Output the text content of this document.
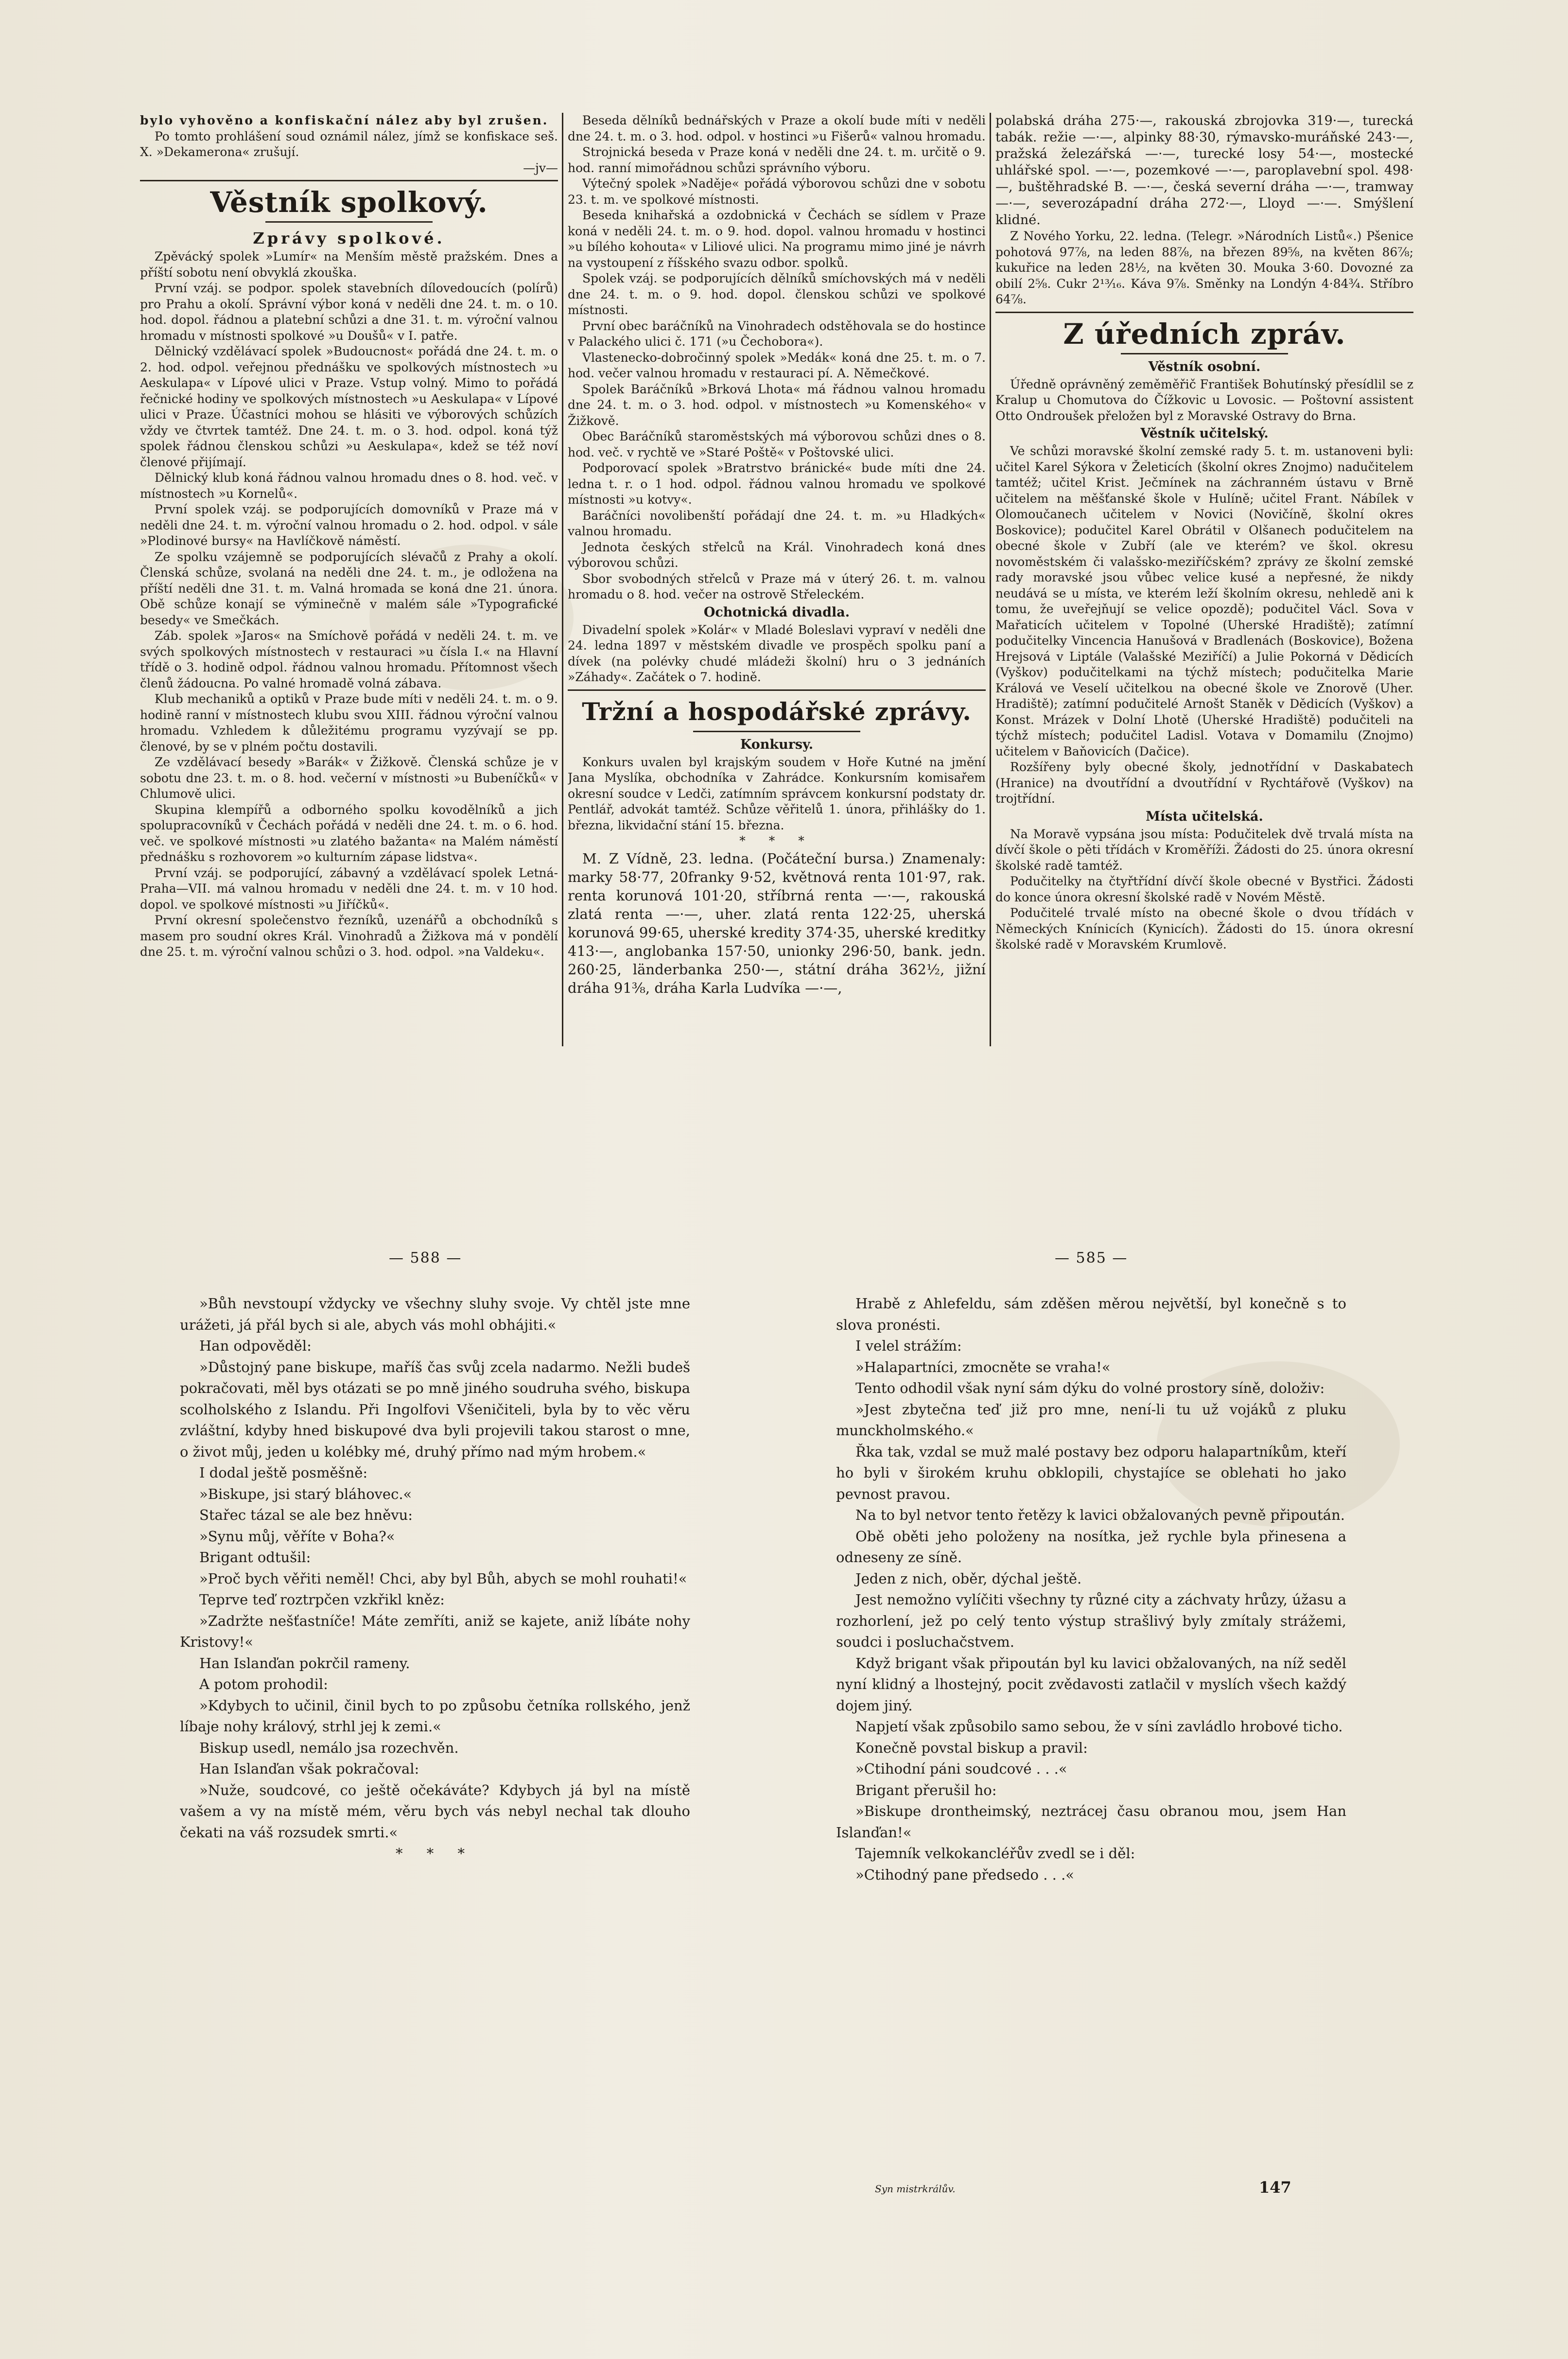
bylo vyhověno a konfiskační nález aby byl zrušen.

Po tomto prohlášení soud oznámil nález, jímž se konfiskace seš. X. »Dekamerona« zrušují.

—jv—

Věstník spolkový.

Zprávy spolkové.

Zpěvácký spolek »Lumír« na Menším městě pražském. Dnes a příští sobotu není obvyklá zkouška.

První vzáj. se podpor. spolek stavebních dílovedoucích (polírů) pro Prahu a okolí. Správní výbor koná v neděli dne 24. t. m. o 10. hod. dopol. řádnou a platební schůzi a dne 31. t. m. výroční valnou hromadu v místnosti spolkové »u Doušů« v I. patře.

Dělnický vzdělávací spolek »Budoucnost« pořádá dne 24. t. m. o 2. hod. odpol. veřejnou přednášku ve spolkových místnostech »u Aeskulapa« v Lípové ulici v Praze. Vstup volný. Mimo to pořádá řečnické hodiny ve spolkových místnostech »u Aeskulapa« v Lípové ulici v Praze. Účastníci mohou se hlásiti ve výborových schůzích vždy ve čtvrtek tamtéž. Dne 24. t. m. o 3. hod. odpol. koná týž spolek řádnou členskou schůzi »u Aeskulapa«, kdež se též noví členové přijímají.

Dělnický klub koná řádnou valnou hromadu dnes o 8. hod. več. v místnostech »u Kornelů«.

První spolek vzáj. se podporujících domovníků v Praze má v neděli dne 24. t. m. výroční valnou hromadu o 2. hod. odpol. v sále »Plodinové bursy« na Havlíčkově náměstí.

Ze spolku vzájemně se podporujících slévačů z Prahy a okolí. Členská schůze, svolaná na neděli dne 24. t. m., je odložena na příští neděli dne 31. t. m. Valná hromada se koná dne 21. února. Obě schůze konají se výminečně v malém sále »Typografické besedy« ve Smečkách.

Záb. spolek »Jaros« na Smíchově pořádá v neděli 24. t. m. ve svých spolkových místnostech v restauraci »u čísla I.« na Hlavní třídě o 3. hodině odpol. řádnou valnou hromadu. Přítomnost všech členů žádoucna. Po valné hromadě volná zábava.

Klub mechaniků a optiků v Praze bude míti v neděli 24. t. m. o 9. hodině ranní v místnostech klubu svou XIII. řádnou výroční valnou hromadu. Vzhledem k důležitému programu vyzývají se pp. členové, by se v plném počtu dostavili.

Ze vzdělávací besedy »Barák« v Žižkově. Členská schůze je v sobotu dne 23. t. m. o 8. hod. večerní v místnosti »u Bubeníčků« v Chlumově ulici.

Skupina klempířů a odborného spolku kovodělníků a jich spolupracovníků v Čechách pořádá v neděli dne 24. t. m. o 6. hod. več. ve spolkové místnosti »u zlatého bažanta« na Malém náměstí přednášku s rozhovorem »o kulturním zápase lidstva«.

První vzáj. se podporující, zábavný a vzdělávací spolek Letná-Praha—VII. má valnou hromadu v neděli dne 24. t. m. v 10 hod. dopol. ve spolkové místnosti »u Jiříčků«.

První okresní společenstvo řezníků, uzenářů a obchodníků s masem pro soudní okres Král. Vinohradů a Žižkova má v pondělí dne 25. t. m. výroční valnou schůzi o 3. hod. odpol. »na Valdeku«.

Beseda dělníků bednářských v Praze a okolí bude míti v neděli dne 24. t. m. o 3. hod. odpol. v hostinci »u Fišerů« valnou hromadu.

Strojnická beseda v Praze koná v neděli dne 24. t. m. určitě o 9. hod. ranní mimořádnou schůzi správního výboru.

Výtečný spolek »Naděje« pořádá výborovou schůzi dne v sobotu 23. t. m. ve spolkové místnosti.

Beseda knihařská a ozdobnická v Čechách se sídlem v Praze koná v neděli 24. t. m. o 9. hod. dopol. valnou hromadu v hostinci »u bílého kohouta« v Liliové ulici. Na programu mimo jiné je návrh na vystoupení z říšského svazu odbor. spolků.

Spolek vzáj. se podporujících dělníků smíchovských má v neděli dne 24. t. m. o 9. hod. dopol. členskou schůzi ve spolkové místnosti.

První obec baráčníků na Vinohradech odstěhovala se do hostince v Palackého ulici č. 171 (»u Čechobora«).

Vlastenecko-dobročinný spolek »Medák« koná dne 25. t. m. o 7. hod. večer valnou hromadu v restauraci pí. A. Němečkové.

Spolek Baráčníků »Brková Lhota« má řádnou valnou hromadu dne 24. t. m. o 3. hod. odpol. v místnostech »u Komenského« v Žižkově.

Obec Baráčníků staroměstských má výborovou schůzi dnes o 8. hod. več. v rychtě ve »Staré Poště« v Poštovské ulici.

Podporovací spolek »Bratrstvo bránické« bude míti dne 24. ledna t. r. o 1 hod. odpol. řádnou valnou hromadu ve spolkové místnosti »u kotvy«.

Baráčníci novolibenští pořádají dne 24. t. m. »u Hladkých« valnou hromadu.

Jednota českých střelců na Král. Vinohradech koná dnes výborovou schůzi.

Sbor svobodných střelců v Praze má v úterý 26. t. m. valnou hromadu o 8. hod. večer na ostrově Střeleckém.

Ochotnická divadla.

Divadelní spolek »Kolár« v Mladé Boleslavi vypraví v neděli dne 24. ledna 1897 v městském divadle ve prospěch spolku paní a dívek (na polévky chudé mládeži školní) hru o 3 jednáních »Záhady«. Začátek o 7. hodině.

Tržní a hospodářské zprávy.

Konkursy.

Konkurs uvalen byl krajským soudem v Hoře Kutné na jmění Jana Myslíka, obchodníka v Zahrádce. Konkursním komisařem okresní soudce v Ledči, zatímním správcem konkursní podstaty dr. Pentlář, advokát tamtéž. Schůze věřitelů 1. února, přihlášky do 1. března, likvidační stání 15. března.

* * *

M. Z Vídně, 23. ledna. (Počáteční bursa.) Znamenaly: marky 58·77, 20franky 9·52, květnová renta 101·97, rak. renta korunová 101·20, stříbrná renta —·—, rakouská zlatá renta —·—, uher. zlatá renta 122·25, uherská korunová 99·65, uherské kredity 374·35, uherské kreditky 413·—, anglobanka 157·50, unionky 296·50, bank. jedn. 260·25, länderbanka 250·—, státní dráha 362½, jižní dráha 91⅜, dráha Karla Ludvíka —·—,

polabská dráha 275·—, rakouská zbrojovka 319·—, turecká tabák. režie —·—, alpinky 88·30, rýmavsko-muráňské 243·—, pražská železářská —·—, turecké losy 54·—, mostecké uhlářské spol. —·—, pozemkové —·—, paroplavební spol. 498·—, buštěhradské B. —·—, česká severní dráha —·—, tramway —·—, severozápadní dráha 272·—, Lloyd —·—. Smýšlení klidné.

Z Nového Yorku, 22. ledna. (Telegr. »Národních Listů«.) Pšenice pohotová 97⅞, na leden 88⅞, na březen 89⅝, na květen 86⅞; kukuřice na leden 28½, na květen 30. Mouka 3·60. Dovozné za obilí 2⅝. Cukr 2¹³⁄₁₆. Káva 9⅞. Směnky na Londýn 4·84¾. Stříbro 64⅞.

Z úředních zpráv.

Věstník osobní.

Úředně oprávněný zeměměřič František Bohutínský přesídlil se z Kralup u Chomutova do Čížkovic u Lovosic. — Poštovní assistent Otto Ondroušek přeložen byl z Moravské Ostravy do Brna.

Věstník učitelský.

Ve schůzi moravské školní zemské rady 5. t. m. ustanoveni byli: učitel Karel Sýkora v Želeticích (školní okres Znojmo) nadučitelem tamtéž; učitel Krist. Ječmínek na záchranném ústavu v Brně učitelem na měšťanské škole v Hulíně; učitel Frant. Nábílek v Olomoučanech učitelem v Novici (Novičíně, školní okres Boskovice); podučitel Karel Obrátil v Olšanech podučitelem na obecné škole v Zubří (ale ve kterém? ve škol. okresu novoměstském či valašsko-meziříčském? zprávy ze školní zemské rady moravské jsou vůbec velice kusé a nepřesné, že nikdy neudává se u místa, ve kterém leží školním okresu, nehledě ani k tomu, že uveřejňují se velice opozdě); podučitel Václ. Sova v Mařaticích učitelem v Topolné (Uherské Hradiště); zatímní podučitelky Vincencia Hanušová v Bradlenách (Boskovice), Božena Hrejsová v Liptále (Valašské Meziříčí) a Julie Pokorná v Dědicích (Vyškov) podučitelkami na týchž místech; podučitelka Marie Králová ve Veselí učitelkou na obecné škole ve Znorově (Uher. Hradiště); zatímní podučitelé Arnošt Staněk v Dědicích (Vyškov) a Konst. Mrázek v Dolní Lhotě (Uherské Hradiště) podučiteli na týchž místech; podučitel Ladisl. Votava v Domamilu (Znojmo) učitelem v Baňovicích (Dačice).

Rozšířeny byly obecné školy, jednotřídní v Daskabatech (Hranice) na dvoutřídní a dvoutřídní v Rychtářově (Vyškov) na trojtřídní.

Místa učitelská.

Na Moravě vypsána jsou místa: Podučitelek dvě trvalá místa na dívčí škole o pěti třídách v Kroměříži. Žádosti do 25. února okresní školské radě tamtéž.

Podučitelky na čtyřtřídní dívčí škole obecné v Bystřici. Žádosti do konce února okresní školské radě v Novém Městě.

Podučitelé trvalé místo na obecné škole o dvou třídách v Německých Knínicích (Kynicích). Žádosti do 15. února okresní školské radě v Moravském Krumlově.

— 588 —	— 585 —

»Bůh nevstoupí vždycky ve všechny sluhy svoje. Vy chtěl jste mne urážeti, já přál bych si ale, abych vás mohl obhájiti.«

Han odpověděl:

»Důstojný pane biskupe, maříš čas svůj zcela nadarmo. Nežli budeš pokračovati, měl bys otázati se po mně jiného soudruha svého, biskupa scolholského z Islandu. Při Ingolfovi Všeničiteli, byla by to věc věru zvláštní, kdyby hned biskupové dva byli projevili takou starost o mne, o život můj, jeden u kolébky mé, druhý přímo nad mým hrobem.«

I dodal ještě posměšně:

»Biskupe, jsi starý bláhovec.«

Stařec tázal se ale bez hněvu:

»Synu můj, věříte v Boha?«

Brigant odtušil:

»Proč bych věřiti neměl! Chci, aby byl Bůh, abych se mohl rouhati!«

Teprve teď roztrpčen vzkřikl kněz:

»Zadržte nešťastníče! Máte zemříti, aniž se kajete, aniž líbáte nohy Kristovy!«

Han Islanďan pokrčil rameny.

A potom prohodil:

»Kdybych to učinil, činil bych to po způsobu četníka rollského, jenž líbaje nohy králový, strhl jej k zemi.«

Biskup usedl, nemálo jsa rozechvěn.

Han Islanďan však pokračoval:

»Nuže, soudcové, co ještě očekáváte? Kdybych já byl na místě vašem a vy na místě mém, věru bych vás nebyl nechal tak dlouho čekati na váš rozsudek smrti.«

* * *

Hrabě z Ahlefeldu, sám zděšen měrou největší, byl konečně s to slova pronésti.

I velel strážím:

»Halapartníci, zmocněte se vraha!«

Tento odhodil však nyní sám dýku do volné prostory síně, doloživ:

»Jest zbytečna teď již pro mne, není-li tu už vojáků z pluku munckholmského.«

Řka tak, vzdal se muž malé postavy bez odporu halapartníkům, kteří ho byli v širokém kruhu obklopili, chystajíce se oblehati ho jako pevnost pravou.

Na to byl netvor tento řetězy k lavici obžalovaných pevně připoután.

Obě oběti jeho položeny na nosítka, jež rychle byla přinesena a odneseny ze síně.

Jeden z nich, oběr, dýchal ještě.

Jest nemožno vylíčiti všechny ty různé city a záchvaty hrůzy, úžasu a rozhorlení, jež po celý tento výstup strašlivý byly zmítaly strážemi, soudci i posluchačstvem.

Když brigant však připoután byl ku lavici obžalovaných, na níž seděl nyní klidný a lhostejný, pocit zvědavosti zatlačil v myslích všech každý dojem jiný.

Napjetí však způsobilo samo sebou, že v síni zavládlo hrobové ticho.

Konečně povstal biskup a pravil:

»Ctihodní páni soudcové . . .«

Brigant přerušil ho:

»Biskupe drontheimský, neztrácej času obranou mou, jsem Han Islanďan!«

Tajemník velkokancléřův zvedl se i děl:

»Ctihodný pane předsedo . . .«

Syn mistrkrálův.	147
